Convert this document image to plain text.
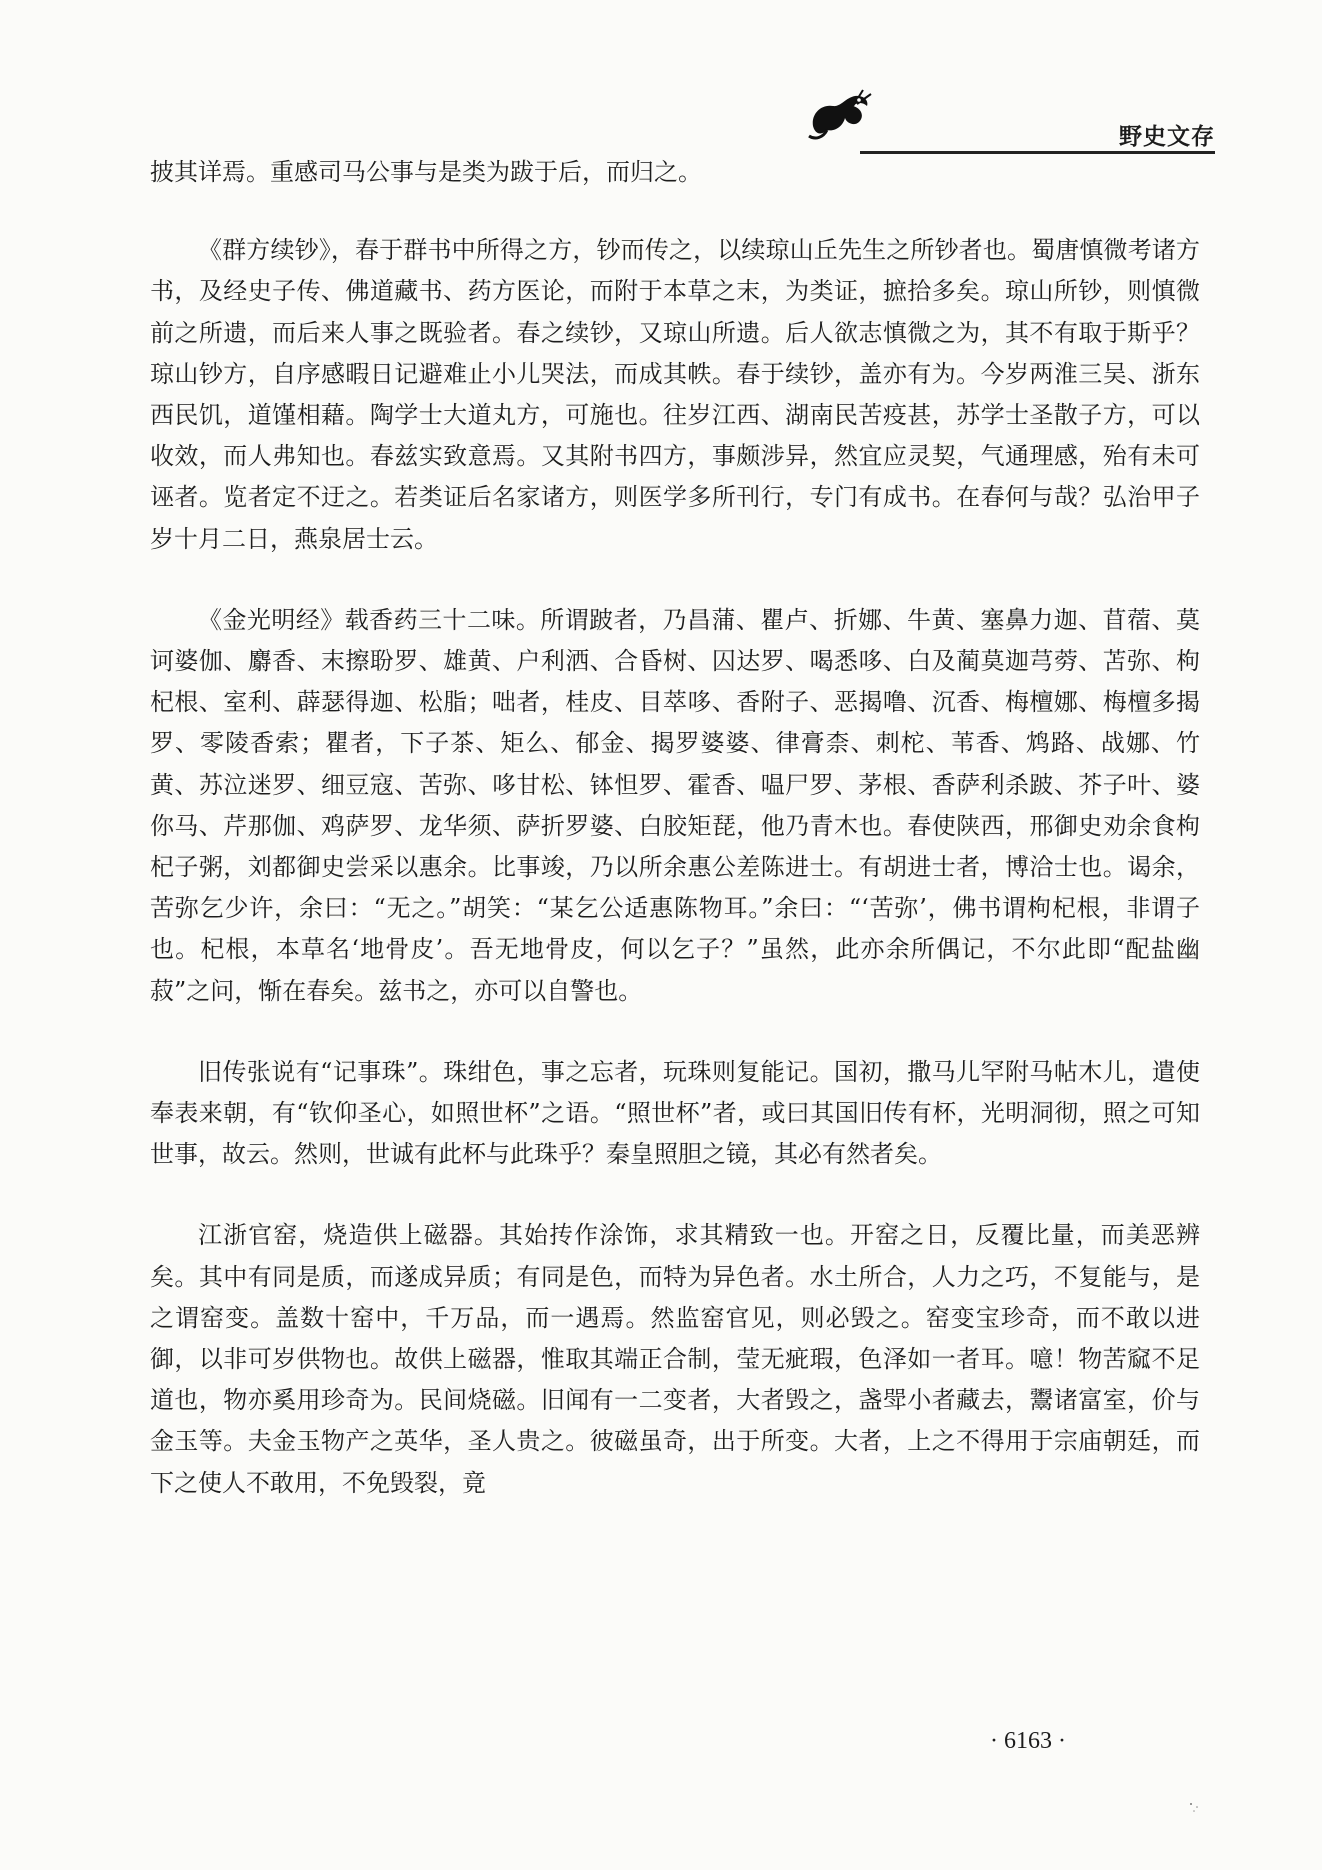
野史文存

披其详焉。重感司马公事与是类为跋于后，而归之。

《群方续钞》，春于群书中所得之方，钞而传之，以续琼山丘先生之所钞者也。蜀唐慎微考诸方书，及经史子传、佛道藏书、药方医论，而附于本草之末，为类证，摭拾多矣。琼山所钞，则慎微前之所遗，而后来人事之既验者。春之续钞，又琼山所遗。后人欲志慎微之为，其不有取于斯乎？琼山钞方，自序感暇日记避难止小儿哭法，而成其帙。春于续钞，盖亦有为。今岁两淮三吴、浙东西民饥，道馑相藉。陶学士大道丸方，可施也。往岁江西、湖南民苦疫甚，苏学士圣散子方，可以收效，而人弗知也。春兹实致意焉。又其附书四方，事颇涉异，然宜应灵契，气通理感，殆有未可诬者。览者定不迂之。若类证后名家诸方，则医学多所刊行，专门有成书。在春何与哉？弘治甲子岁十月二日，燕泉居士云。

《金光明经》载香药三十二味。所谓跛者，乃昌蒲、瞿卢、折娜、牛黄、塞鼻力迦、苜蓿、莫诃婆伽、麝香、末擦聁罗、雄黄、户利洒、合昏树、囚达罗、喝悉哆、白及蔺莫迦芎䓖、苫弥、枸杞根、室利、薜瑟得迦、松脂；咄者，桂皮、目萃哆、香附子、恶揭噜、沉香、梅檀娜、梅檀多揭罗、零陵香索；瞿者，下子茶、矩么、郁金、揭罗婆婆、律膏柰、刺柁、苇香、鸩路、战娜、竹黄、苏泣迷罗、细豆寇、苦弥、哆甘松、钵怛罗、霍香、嗢尸罗、茅根、香萨利杀跛、芥子叶、婆你马、芹那伽、鸡萨罗、龙华须、萨折罗婆、白胶矩琵，他乃青木也。春使陕西，邢御史劝余食枸杞子粥，刘都御史尝采以惠余。比事竣，乃以所余惠公差陈进士。有胡进士者，博洽士也。谒余，苦弥乞少许，余曰：“无之。”胡笑：“某乞公适惠陈物耳。”余曰：“‘苦弥’，佛书谓枸杞根，非谓子也。杞根，本草名‘地骨皮’。吾无地骨皮，何以乞子？”虽然，此亦余所偶记，不尔此即“配盐幽菽”之问，惭在春矣。兹书之，亦可以自警也。

旧传张说有“记事珠”。珠绀色，事之忘者，玩珠则复能记。国初，撒马儿罕附马帖木儿，遣使奉表来朝，有“钦仰圣心，如照世杯”之语。“照世杯”者，或曰其国旧传有杯，光明洞彻，照之可知世事，故云。然则，世诚有此杯与此珠乎？秦皇照胆之镜，其必有然者矣。

江浙官窑，烧造供上磁器。其始抟作涂饰，求其精致一也。开窑之日，反覆比量，而美恶辨矣。其中有同是质，而遂成异质；有同是色，而特为异色者。水土所合，人力之巧，不复能与，是之谓窑变。盖数十窑中，千万品，而一遇焉。然监窑官见，则必毁之。窑变宝珍奇，而不敢以进御，以非可岁供物也。故供上磁器，惟取其端正合制，莹无疵瑕，色泽如一者耳。噫！物苦窳不足道也，物亦奚用珍奇为。民间烧磁。旧闻有一二变者，大者毁之，盏斝小者藏去，鬻诸富室，价与金玉等。夫金玉物产之英华，圣人贵之。彼磁虽奇，出于所变。大者，上之不得用于宗庙朝廷，而下之使人不敢用，不免毁裂，竟

· 6163 ·
